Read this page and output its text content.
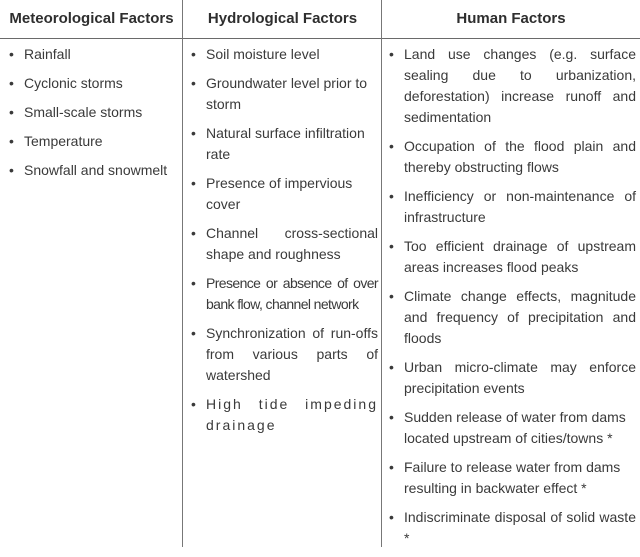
Meteorological Factors	Hydrological Factors	Human Factors
• Rainfall
• Cyclonic storms
• Small-scale storms
• Temperature
• Snowfall and snowmelt
• Soil moisture level
• Groundwater level prior to storm
• Natural surface infiltration rate
• Presence of impervious cover
• Channel cross-sectional shape and roughness
• Presence or absence of over bank flow, channel network
• Synchronization of run-offs from various parts of watershed
• High tide impeding drainage
• Land use changes (e.g. surface sealing due to urbanization, deforestation) increase runoff and sedimentation
• Occupation of the flood plain and thereby obstructing flows
• Inefficiency or non-maintenance of infrastructure
• Too efficient drainage of upstream areas increases flood peaks
• Climate change effects, magnitude and frequency of precipitation and floods
• Urban micro-climate may enforce precipitation events
• Sudden release of water from dams located upstream of cities/towns *
• Failure to release water from dams resulting in backwater effect *
• Indiscriminate disposal of solid waste *
